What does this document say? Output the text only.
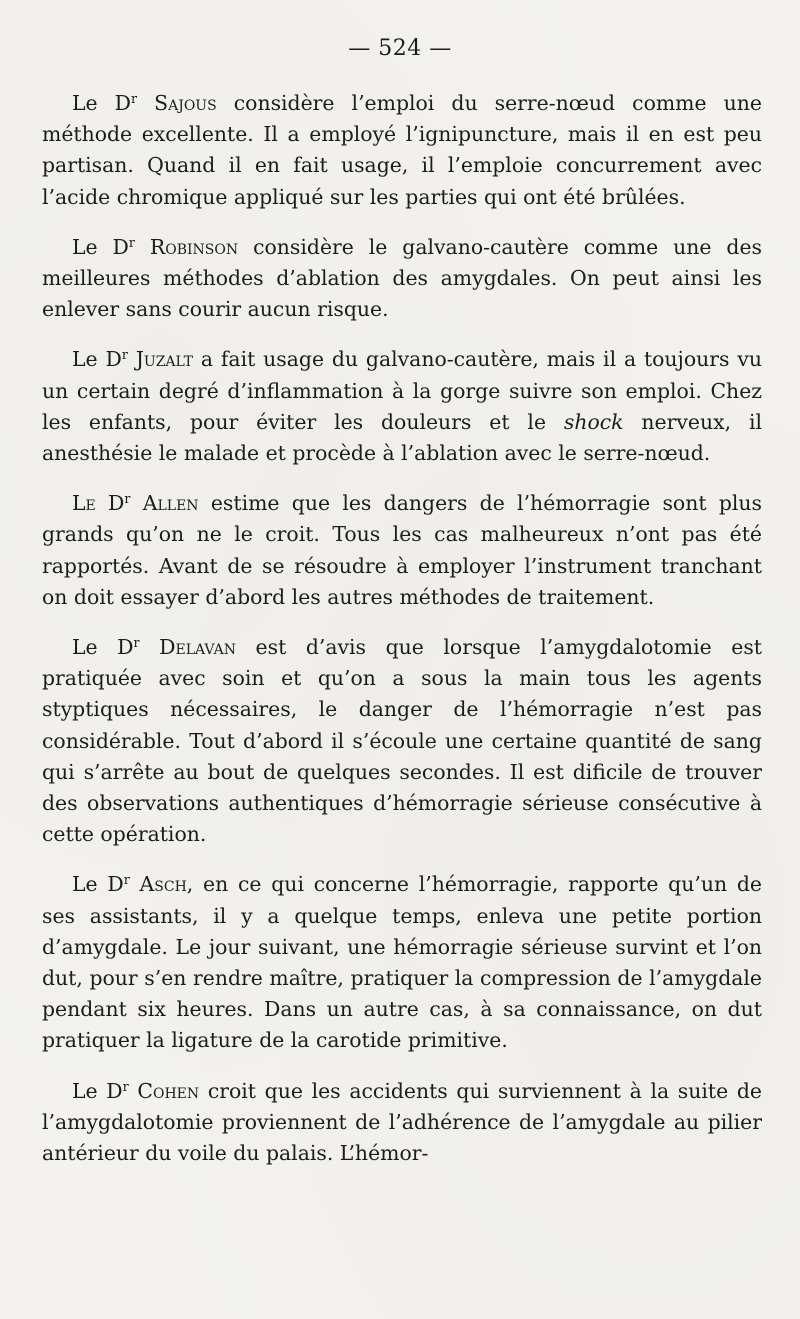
— 524 —

Le $D^r$ Sajous considère l’emploi du serre-nœud comme une méthode excellente. Il a employé l’ignipuncture, mais il en est peu partisan. Quand il en fait usage, il l’emploie concurrement avec l’acide chromique appliqué sur les parties qui ont été brûlées.

Le $D^r$ Robinson considère le galvano-cautère comme une des meilleures méthodes d’ablation des amygdales. On peut ainsi les enlever sans courir aucun risque.

Le $D^r$ Juzalt a fait usage du galvano-cautère, mais il a toujours vu un certain degré d’inflammation à la gorge suivre son emploi. Chez les enfants, pour éviter les douleurs et le shock nerveux, il anesthésie le malade et procède à l’ablation avec le serre-nœud.

Le $D^r$ Allen estime que les dangers de l’hémorragie sont plus grands qu’on ne le croit. Tous les cas malheureux n’ont pas été rapportés. Avant de se résoudre à employer l’instrument tranchant on doit essayer d’abord les autres méthodes de traitement.

Le $D^r$ Delavan est d’avis que lorsque l’amygdalotomie est pratiquée avec soin et qu’on a sous la main tous les agents styptiques nécessaires, le danger de l’hémorragie n’est pas considérable. Tout d’abord il s’écoule une certaine quantité de sang qui s’arrête au bout de quelques secondes. Il est dificile de trouver des observations authentiques d’hémorragie sérieuse consécutive à cette opération.

Le $D^r$ Asch, en ce qui concerne l’hémorragie, rapporte qu’un de ses assistants, il y a quelque temps, enleva une petite portion d’amygdale. Le jour suivant, une hémorragie sérieuse survint et l’on dut, pour s’en rendre maître, pratiquer la compression de l’amygdale pendant six heures. Dans un autre cas, à sa connaissance, on dut pratiquer la ligature de la carotide primitive.

Le $D^r$ Cohen croit que les accidents qui surviennent à la suite de l’amygdalotomie proviennent de l’adhérence de l’amygdale au pilier antérieur du voile du palais. L’hémor-
